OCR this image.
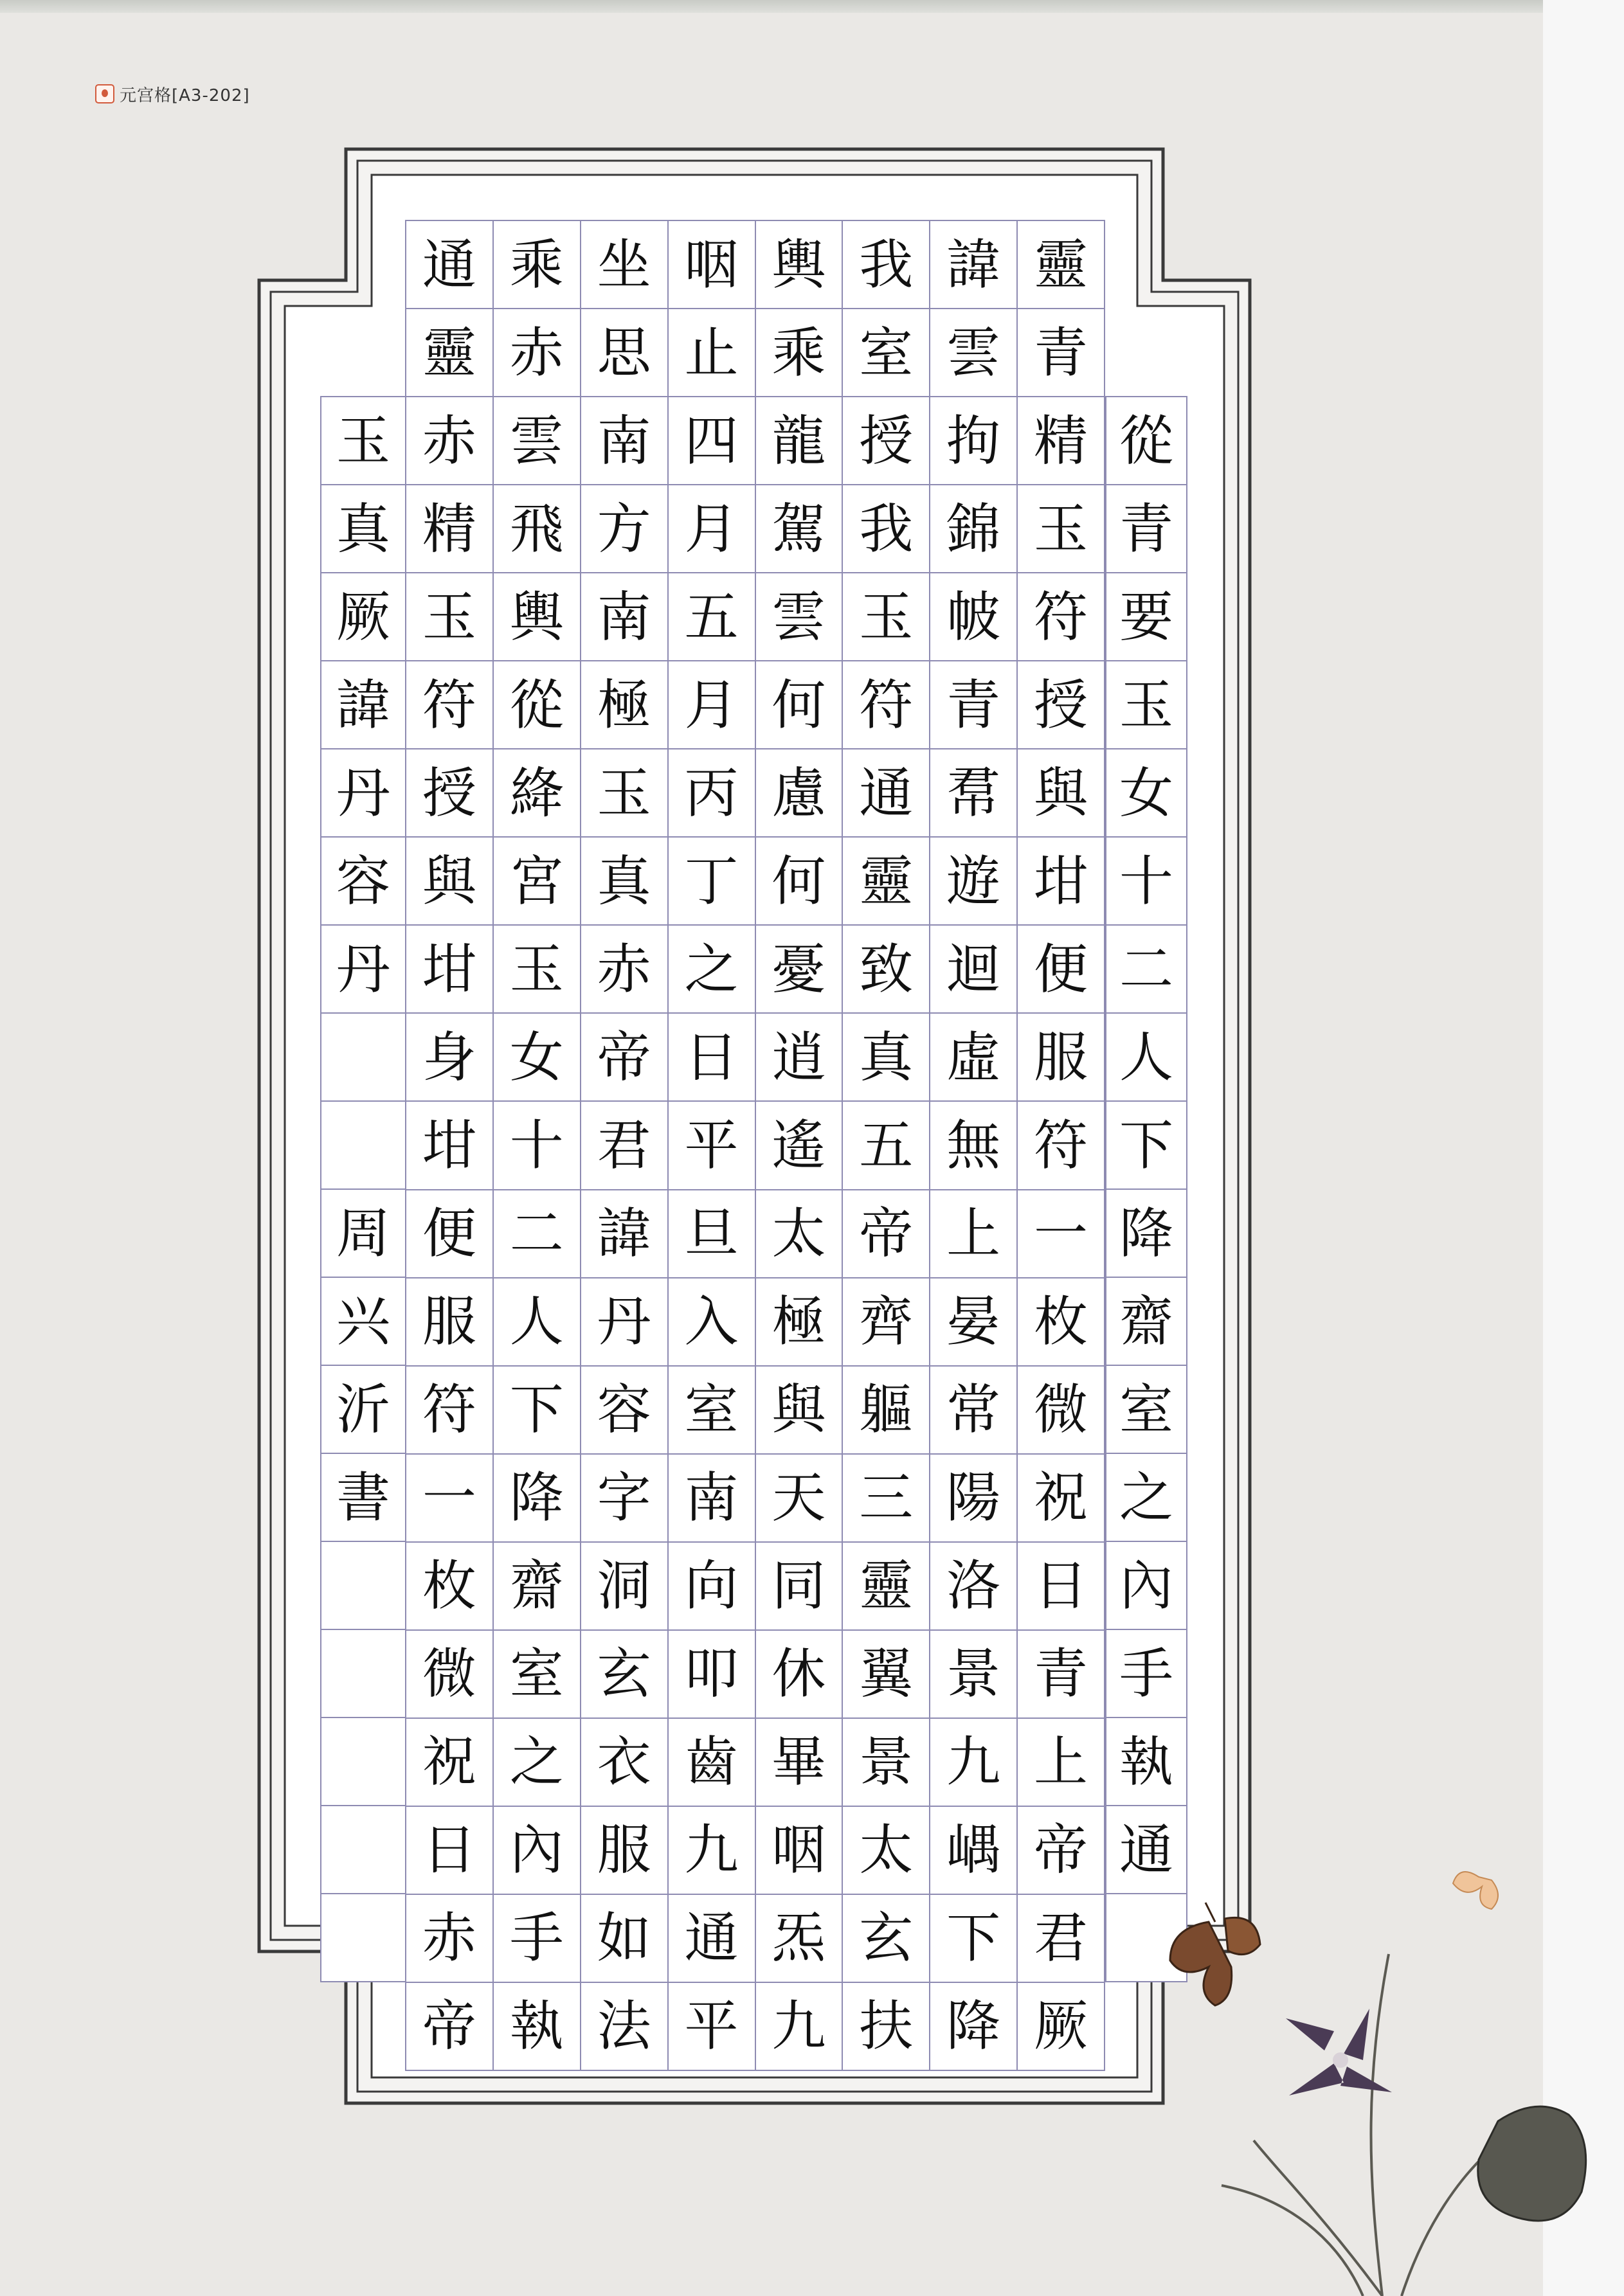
元宫格[A3-202]
通 乘 坐 咽 輿 我 諱 靈
靈 赤 思 止 乘 室 雲 青
赤 雲 南 四 龍 授 拘 精
精 飛 方 月 駕 我 錦 玉
玉 輿 南 五 雲 玉 帔 符
符 從 極 月 何 符 青 授
授 絳 玉 丙 慮 通 帬 與
與 宮 真 丁 何 靈 遊 坩
坩 玉 赤 之 憂 致 迴 便
身 女 帝 日 逍 真 虛 服
坩 十 君 平 遙 五 無 符
便 二 諱 旦 太 帝 上 一
服 人 丹 入 極 齊 晏 枚
符 下 容 室 與 軀 常 微
一 降 字 南 天 三 陽 祝
枚 齋 洞 向 同 靈 洛 日
微 室 玄 叩 休 翼 景 青
祝 之 衣 齒 畢 景 九 上
日 內 服 九 咽 太 嵎 帝
赤 手 如 通 炁 玄 下 君
帝 執 法 平 九 扶 降 厥
從
青
要
玉
女
十
二
人
下
降
齋
室
之
內
手
執
通
玉
真
厥
諱
丹
容
丹
周
兴
沂
書
